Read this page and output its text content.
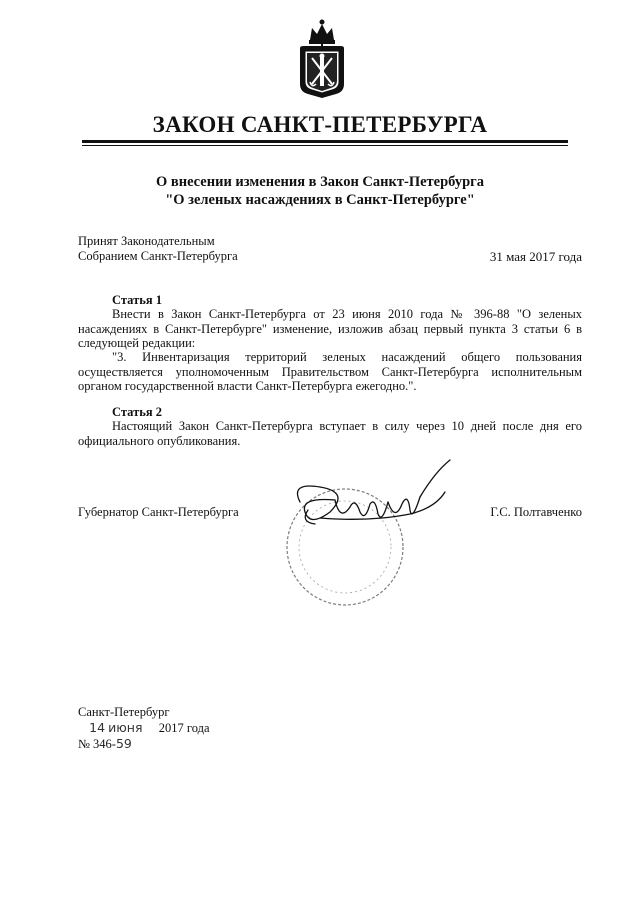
ЗАКОН САНКТ-ПЕТЕРБУРГА
О внесении изменения в Закон Санкт-Петербурга
"О зеленых насаждениях в Санкт-Петербурге"
Принят Законодательным
Собранием Санкт-Петербурга	31 мая 2017 года
Статья 1
Внести в Закон Санкт-Петербурга от 23 июня 2010 года № 396-88 "О зеленых насаждениях в Санкт-Петербурге" изменение, изложив абзац первый пункта 3 статьи 6 в следующей редакции:
"3. Инвентаризация территорий зеленых насаждений общего пользования осуществляется уполномоченным Правительством Санкт-Петербурга исполнительным органом государственной власти Санкт-Петербурга ежегодно.".
Статья 2
Настоящий Закон Санкт-Петербурга вступает в силу через 10 дней после дня его официального опубликования.
Губернатор Санкт-Петербурга	Г.С. Полтавченко
Санкт-Петербург
14 июня 2017 года
№ 346-59
